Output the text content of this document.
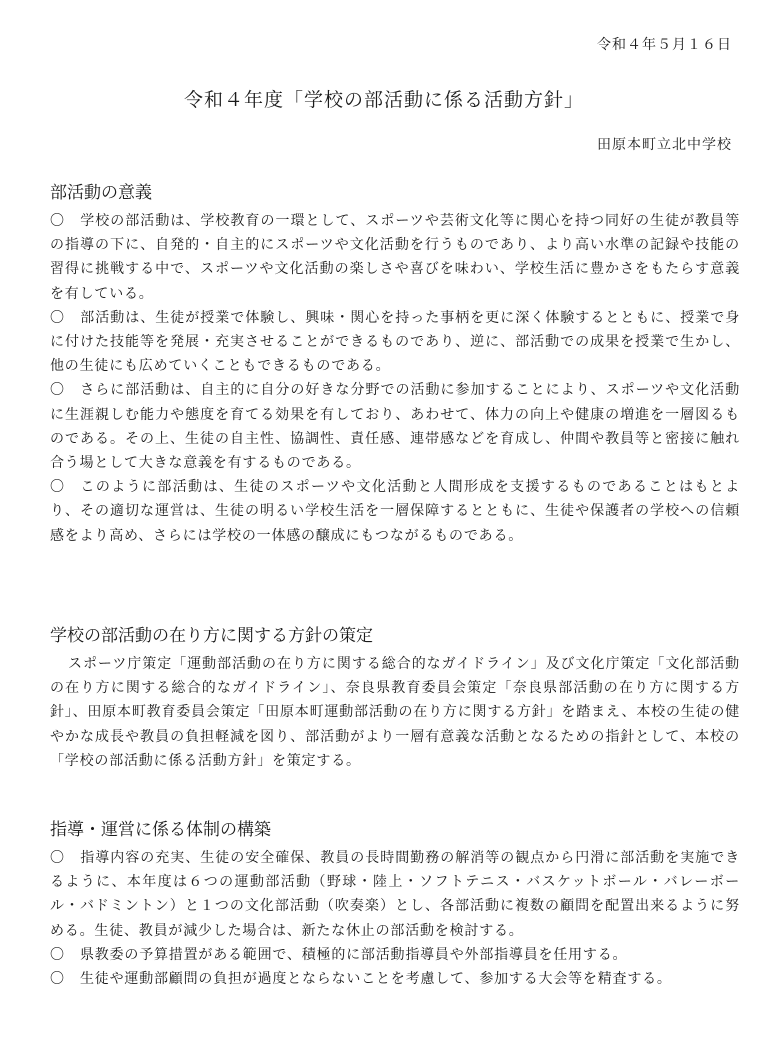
令和４年５月１６日
令和４年度「学校の部活動に係る活動方針」
田原本町立北中学校
部活動の意義
〇 学校の部活動は、学校教育の一環として、スポーツや芸術文化等に関心を持つ同好の生徒が教員等の指導の下に、自発的・自主的にスポーツや文化活動を行うものであり、より高い水準の記録や技能の習得に挑戦する中で、スポーツや文化活動の楽しさや喜びを味わい、学校生活に豊かさをもたらす意義を有している。
〇 部活動は、生徒が授業で体験し、興味・関心を持った事柄を更に深く体験するとともに、授業で身に付けた技能等を発展・充実させることができるものであり、逆に、部活動での成果を授業で生かし、他の生徒にも広めていくこともできるものである。
〇 さらに部活動は、自主的に自分の好きな分野での活動に参加することにより、スポーツや文化活動に生涯親しむ能力や態度を育てる効果を有しており、あわせて、体力の向上や健康の増進を一層図るものである。その上、生徒の自主性、協調性、責任感、連帯感などを育成し、仲間や教員等と密接に触れ合う場として大きな意義を有するものである。
〇 このように部活動は、生徒のスポーツや文化活動と人間形成を支援するものであることはもとより、その適切な運営は、生徒の明るい学校生活を一層保障するとともに、生徒や保護者の学校への信頼感をより高め、さらには学校の一体感の醸成にもつながるものである。
学校の部活動の在り方に関する方針の策定
スポーツ庁策定「運動部活動の在り方に関する総合的なガイドライン」及び文化庁策定「文化部活動の在り方に関する総合的なガイドライン」、奈良県教育委員会策定「奈良県部活動の在り方に関する方針」、田原本町教育委員会策定「田原本町運動部活動の在り方に関する方針」を踏まえ、本校の生徒の健やかな成長や教員の負担軽減を図り、部活動がより一層有意義な活動となるための指針として、本校の「学校の部活動に係る活動方針」を策定する。
指導・運営に係る体制の構築
〇 指導内容の充実、生徒の安全確保、教員の長時間勤務の解消等の観点から円滑に部活動を実施できるように、本年度は６つの運動部活動（野球・陸上・ソフトテニス・バスケットボール・バレーボール・バドミントン）と１つの文化部活動（吹奏楽）とし、各部活動に複数の顧問を配置出来るように努める。生徒、教員が減少した場合は、新たな休止の部活動を検討する。
〇 県教委の予算措置がある範囲で、積極的に部活動指導員や外部指導員を任用する。
〇 生徒や運動部顧問の負担が過度とならないことを考慮して、参加する大会等を精査する。
